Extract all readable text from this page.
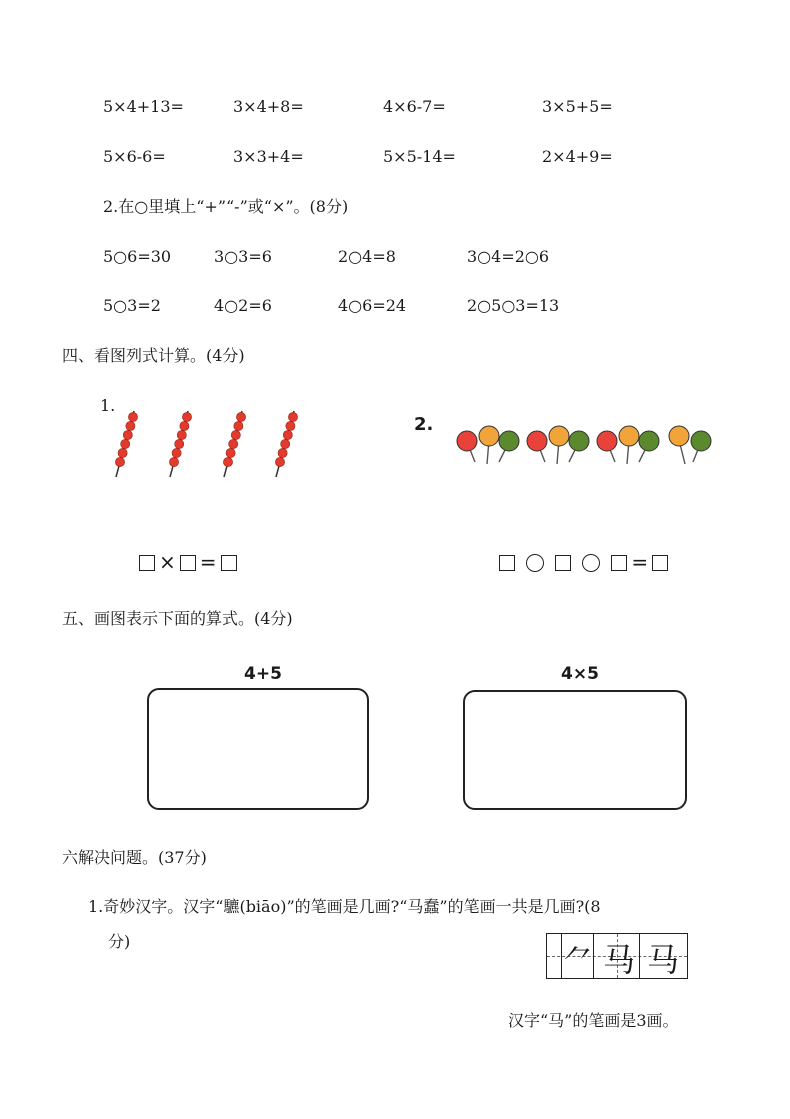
5×4+13=	3×4+8=	4×6-7=	3×5+5=
5×6-6=	3×3+4=	5×5-14=	2×4+9=
2.在○里填上“+”“-”或“×”。(8分)
5○6=30	3○3=6	2○4=8	3○4=2○6
5○3=2	4○2=6	4○6=24	2○5○3=13
四、看图列式计算。(4分)
1.
2.
× =	=
五、画图表示下面的算式。(4分)
4+5	4×5
六解决问题。(37分)
1.奇妙汉字。汉字“䮽(biāo)”的笔画是几画?“马蠢”的笔画一共是几画?(8
分)
⺈ 马 马
汉字“马”的笔画是3画。
